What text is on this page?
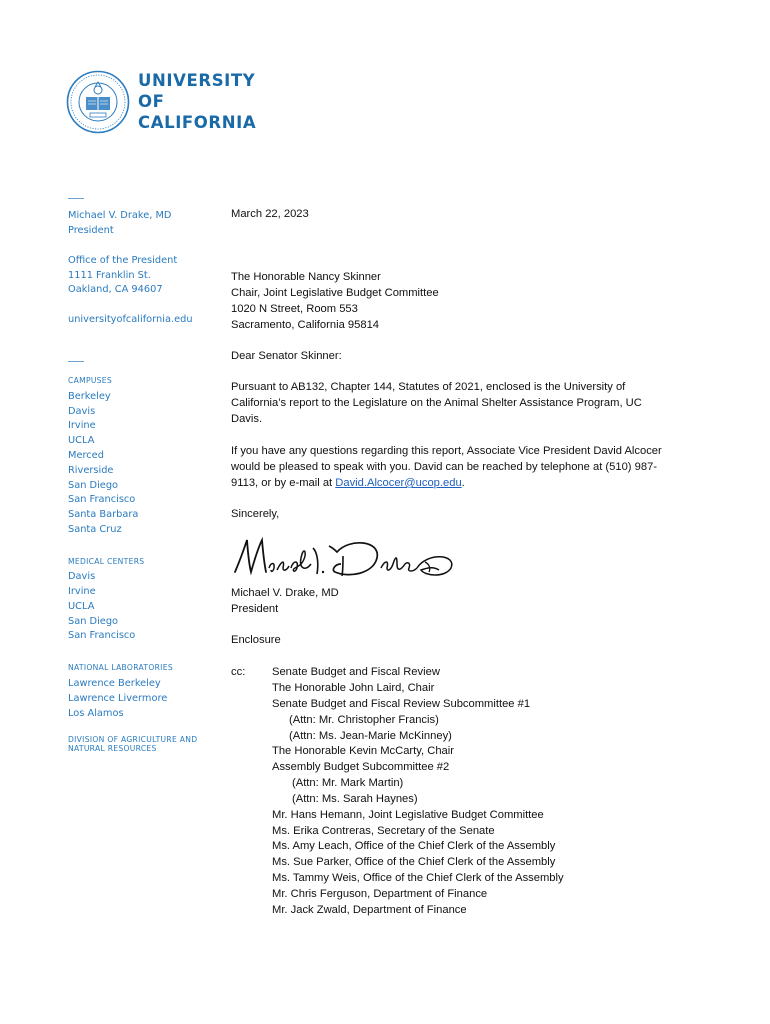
UNIVERSITY
OF
CALIFORNIA
Michael V. Drake, MD
President
Office of the President
1111 Franklin St.
Oakland, CA 94607
universityofcalifornia.edu
CAMPUSES
Berkeley
Davis
Irvine
UCLA
Merced
Riverside
San Diego
San Francisco
Santa Barbara
Santa Cruz
MEDICAL CENTERS
Davis
Irvine
UCLA
San Diego
San Francisco
NATIONAL LABORATORIES
Lawrence Berkeley
Lawrence Livermore
Los Alamos
DIVISION OF AGRICULTURE AND
NATURAL RESOURCES
March 22, 2023
The Honorable Nancy Skinner
Chair, Joint Legislative Budget Committee
1020 N Street, Room 553
Sacramento, California 95814
Dear Senator Skinner:
Pursuant to AB132, Chapter 144, Statutes of 2021, enclosed is the University of
California’s report to the Legislature on the Animal Shelter Assistance Program, UC
Davis.
If you have any questions regarding this report, Associate Vice President David Alcocer
would be pleased to speak with you. David can be reached by telephone at (510) 987-
9113, or by e-mail at David.Alcocer@ucop.edu.
Sincerely,
Michael V. Drake, MD
President
Enclosure
cc: Senate Budget and Fiscal Review
The Honorable John Laird, Chair
Senate Budget and Fiscal Review Subcommittee #1
(Attn: Mr. Christopher Francis)
(Attn: Ms. Jean-Marie McKinney)
The Honorable Kevin McCarty, Chair
Assembly Budget Subcommittee #2
(Attn: Mr. Mark Martin)
(Attn: Ms. Sarah Haynes)
Mr. Hans Hemann, Joint Legislative Budget Committee
Ms. Erika Contreras, Secretary of the Senate
Ms. Amy Leach, Office of the Chief Clerk of the Assembly
Ms. Sue Parker, Office of the Chief Clerk of the Assembly
Ms. Tammy Weis, Office of the Chief Clerk of the Assembly
Mr. Chris Ferguson, Department of Finance
Mr. Jack Zwald, Department of Finance
